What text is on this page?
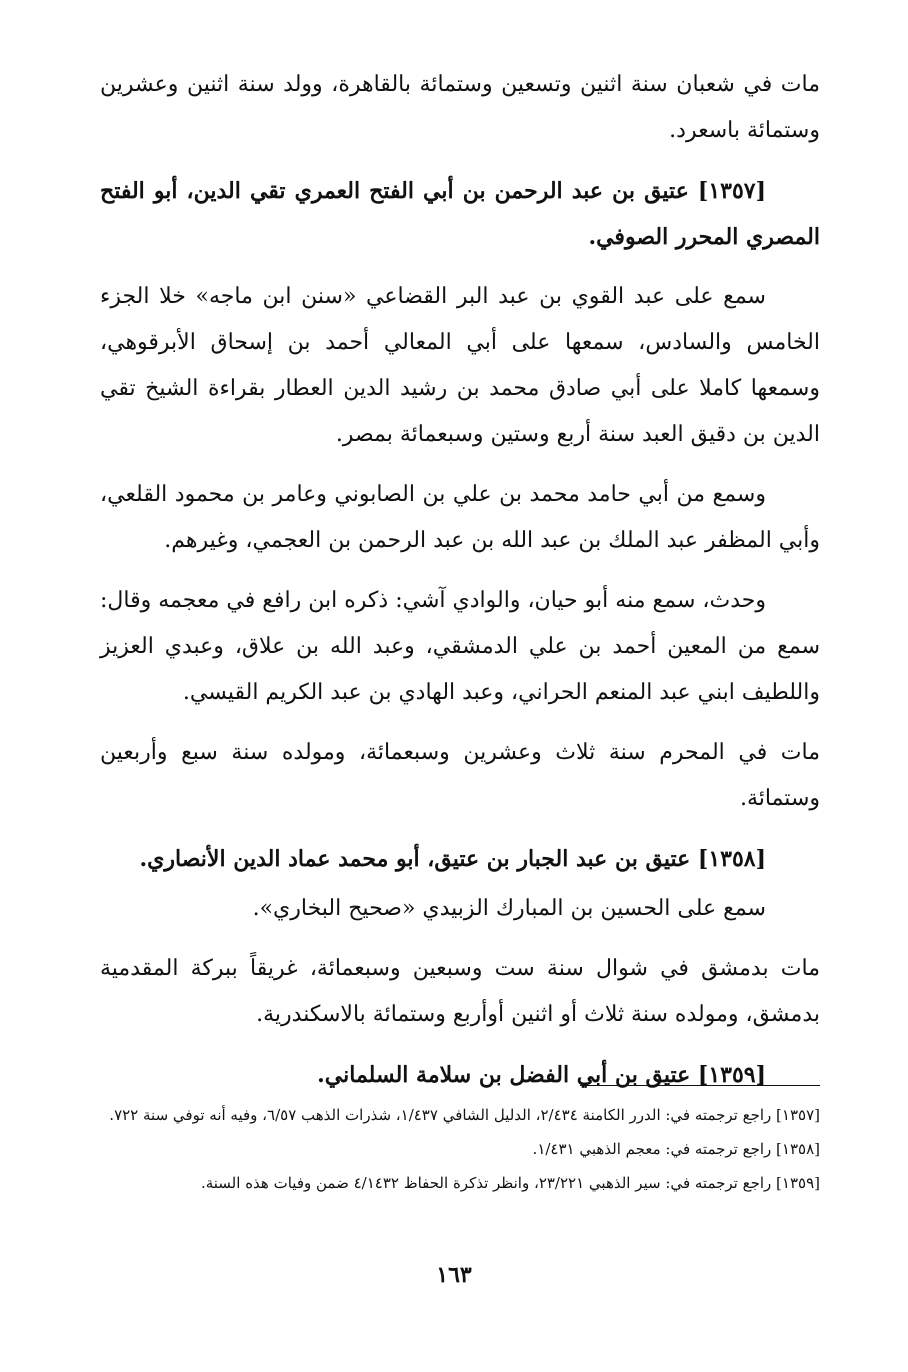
مات في شعبان سنة اثنين وتسعين وستمائة بالقاهرة، وولد سنة اثنين وعشرين وستمائة باسعرد.

[١٣٥٧] عتيق بن عبد الرحمن بن أبي الفتح العمري تقي الدين، أبو الفتح المصري المحرر الصوفي.

سمع على عبد القوي بن عبد البر القضاعي «سنن ابن ماجه» خلا الجزء الخامس والسادس، سمعها على أبي المعالي أحمد بن إسحاق الأبرقوهي، وسمعها كاملا على أبي صادق محمد بن رشيد الدين العطار بقراءة الشيخ تقي الدين بن دقيق العبد سنة أربع وستين وسبعمائة بمصر.

وسمع من أبي حامد محمد بن علي بن الصابوني وعامر بن محمود القلعي، وأبي المظفر عبد الملك بن عبد الله بن عبد الرحمن بن العجمي، وغيرهم.

وحدث، سمع منه أبو حيان، والوادي آشي: ذكره ابن رافع في معجمه وقال: سمع من المعين أحمد بن علي الدمشقي، وعبد الله بن علاق، وعبدي العزيز واللطيف ابني عبد المنعم الحراني، وعبد الهادي بن عبد الكريم القيسي.

مات في المحرم سنة ثلاث وعشرين وسبعمائة، ومولده سنة سبع وأربعين وستمائة.

[١٣٥٨] عتيق بن عبد الجبار بن عتيق، أبو محمد عماد الدين الأنصاري.

سمع على الحسين بن المبارك الزبيدي «صحيح البخاري».

مات بدمشق في شوال سنة ست وسبعين وسبعمائة، غريقاً ببركة المقدمية بدمشق، ومولده سنة ثلاث أو اثنين أوأربع وستمائة بالاسكندرية.

[١٣٥٩] عتيق بن أبي الفضل بن سلامة السلماني.

[١٣٥٧] راجع ترجمته في: الدرر الكامنة ٢/٤٣٤، الدليل الشافي ١/٤٣٧، شذرات الذهب ٦/٥٧، وفيه أنه توفي سنة ٧٢٢.

[١٣٥٨] راجع ترجمته في: معجم الذهبي ١/٤٣١.

[١٣٥٩] راجع ترجمته في: سير الذهبي ٢٣/٢٢١، وانظر تذكرة الحفاظ ٤/١٤٣٢ ضمن وفيات هذه السنة.

١٦٣
